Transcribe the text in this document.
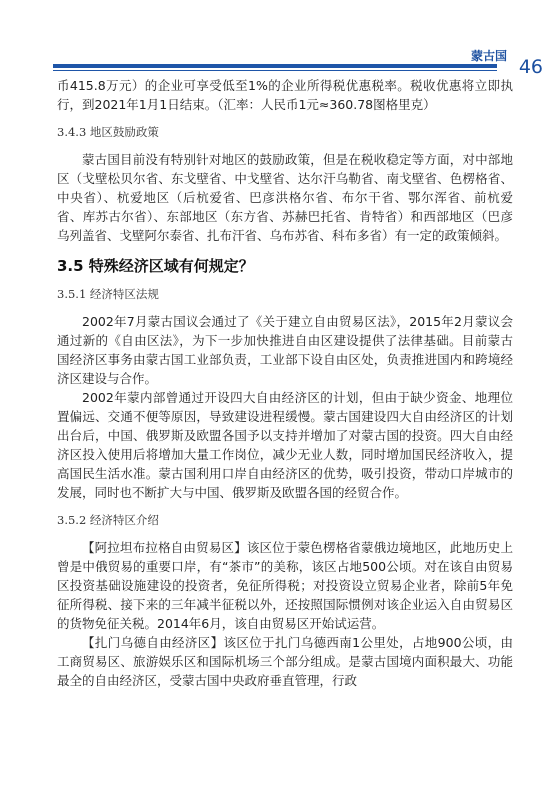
蒙古国 46

币415.8万元）的企业可享受低至1%的企业所得税优惠税率。税收优惠将立即执行，到2021年1月1日结束。（汇率：人民币1元≈360.78图格里克）

3.4.3 地区鼓励政策

蒙古国目前没有特别针对地区的鼓励政策，但是在税收稳定等方面，对中部地区（戈壁松贝尔省、东戈壁省、中戈壁省、达尔汗乌勒省、南戈壁省、色楞格省、中央省）、杭爱地区（后杭爱省、巴彦洪格尔省、布尔干省、鄂尔浑省、前杭爱省、库苏古尔省）、东部地区（东方省、苏赫巴托省、肯特省）和西部地区（巴彦乌列盖省、戈壁阿尔泰省、扎布汗省、乌布苏省、科布多省）有一定的政策倾斜。

3.5 特殊经济区域有何规定？
3.5.1 经济特区法规

2002年7月蒙古国议会通过了《关于建立自由贸易区法》，2015年2月蒙议会通过新的《自由区法》，为下一步加快推进自由区建设提供了法律基础。目前蒙古国经济区事务由蒙古国工业部负责，工业部下设自由区处，负责推进国内和跨境经济区建设与合作。

2002年蒙内部曾通过开设四大自由经济区的计划，但由于缺少资金、地理位置偏远、交通不便等原因，导致建设进程缓慢。蒙古国建设四大自由经济区的计划出台后，中国、俄罗斯及欧盟各国予以支持并增加了对蒙古国的投资。四大自由经济区投入使用后将增加大量工作岗位，减少无业人数，同时增加国民经济收入，提高国民生活水准。蒙古国利用口岸自由经济区的优势，吸引投资，带动口岸城市的发展，同时也不断扩大与中国、俄罗斯及欧盟各国的经贸合作。

3.5.2 经济特区介绍

【阿拉坦布拉格自由贸易区】该区位于蒙色楞格省蒙俄边境地区，此地历史上曾是中俄贸易的重要口岸，有“茶市”的美称，该区占地500公顷。对在该自由贸易区投资基础设施建设的投资者，免征所得税；对投资设立贸易企业者，除前5年免征所得税、接下来的三年减半征税以外，还按照国际惯例对该企业运入自由贸易区的货物免征关税。2014年6月，该自由贸易区开始试运营。

【扎门乌德自由经济区】该区位于扎门乌德西南1公里处，占地900公顷，由工商贸易区、旅游娱乐区和国际机场三个部分组成。是蒙古国境内面积最大、功能最全的自由经济区，受蒙古国中央政府垂直管理，行政
